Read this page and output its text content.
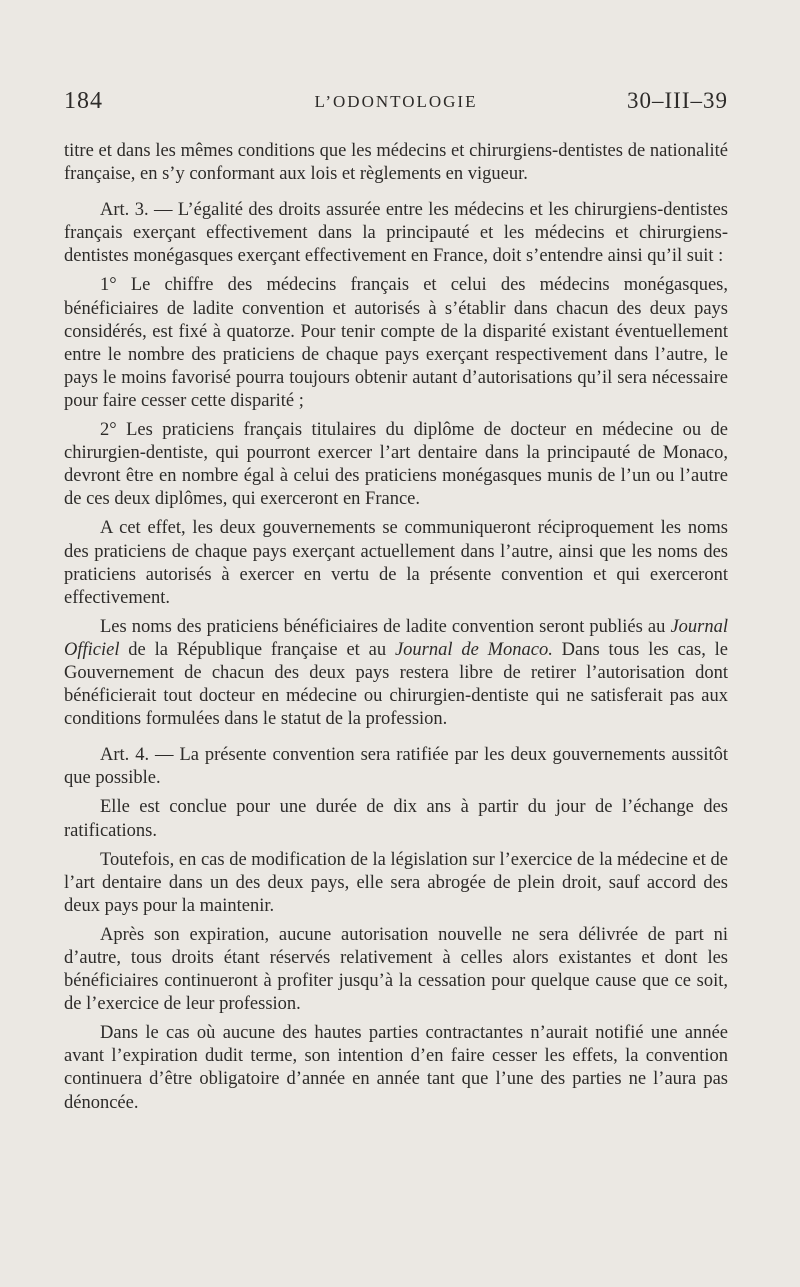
184	L’ODONTOLOGIE	30–III–39

titre et dans les mêmes conditions que les médecins et chirurgiens-dentistes de nationalité française, en s’y conformant aux lois et règlements en vigueur.

Art. 3. — L’égalité des droits assurée entre les médecins et les chirurgiens-dentistes français exerçant effectivement dans la principauté et les médecins et chirurgiens-dentistes monégasques exerçant effectivement en France, doit s’entendre ainsi qu’il suit :

1° Le chiffre des médecins français et celui des médecins monégasques, bénéficiaires de ladite convention et autorisés à s’établir dans chacun des deux pays considérés, est fixé à quatorze. Pour tenir compte de la disparité existant éventuellement entre le nombre des praticiens de chaque pays exerçant respectivement dans l’autre, le pays le moins favorisé pourra toujours obtenir autant d’autorisations qu’il sera nécessaire pour faire cesser cette disparité ;

2° Les praticiens français titulaires du diplôme de docteur en médecine ou de chirurgien-dentiste, qui pourront exercer l’art dentaire dans la principauté de Monaco, devront être en nombre égal à celui des praticiens monégasques munis de l’un ou l’autre de ces deux diplômes, qui exerceront en France.

A cet effet, les deux gouvernements se communiqueront réciproquement les noms des praticiens de chaque pays exerçant actuellement dans l’autre, ainsi que les noms des praticiens autorisés à exercer en vertu de la présente convention et qui exerceront effectivement.

Les noms des praticiens bénéficiaires de ladite convention seront publiés au Journal Officiel de la République française et au Journal de Monaco. Dans tous les cas, le Gouvernement de chacun des deux pays restera libre de retirer l’autorisation dont bénéficierait tout docteur en médecine ou chirurgien-dentiste qui ne satisferait pas aux conditions formulées dans le statut de la profession.

Art. 4. — La présente convention sera ratifiée par les deux gouvernements aussitôt que possible.

Elle est conclue pour une durée de dix ans à partir du jour de l’échange des ratifications.

Toutefois, en cas de modification de la législation sur l’exercice de la médecine et de l’art dentaire dans un des deux pays, elle sera abrogée de plein droit, sauf accord des deux pays pour la maintenir.

Après son expiration, aucune autorisation nouvelle ne sera délivrée de part ni d’autre, tous droits étant réservés relativement à celles alors existantes et dont les bénéficiaires continueront à profiter jusqu’à la cessation pour quelque cause que ce soit, de l’exercice de leur profession.

Dans le cas où aucune des hautes parties contractantes n’aurait notifié une année avant l’expiration dudit terme, son intention d’en faire cesser les effets, la convention continuera d’être obligatoire d’année en année tant que l’une des parties ne l’aura pas dénoncée.
